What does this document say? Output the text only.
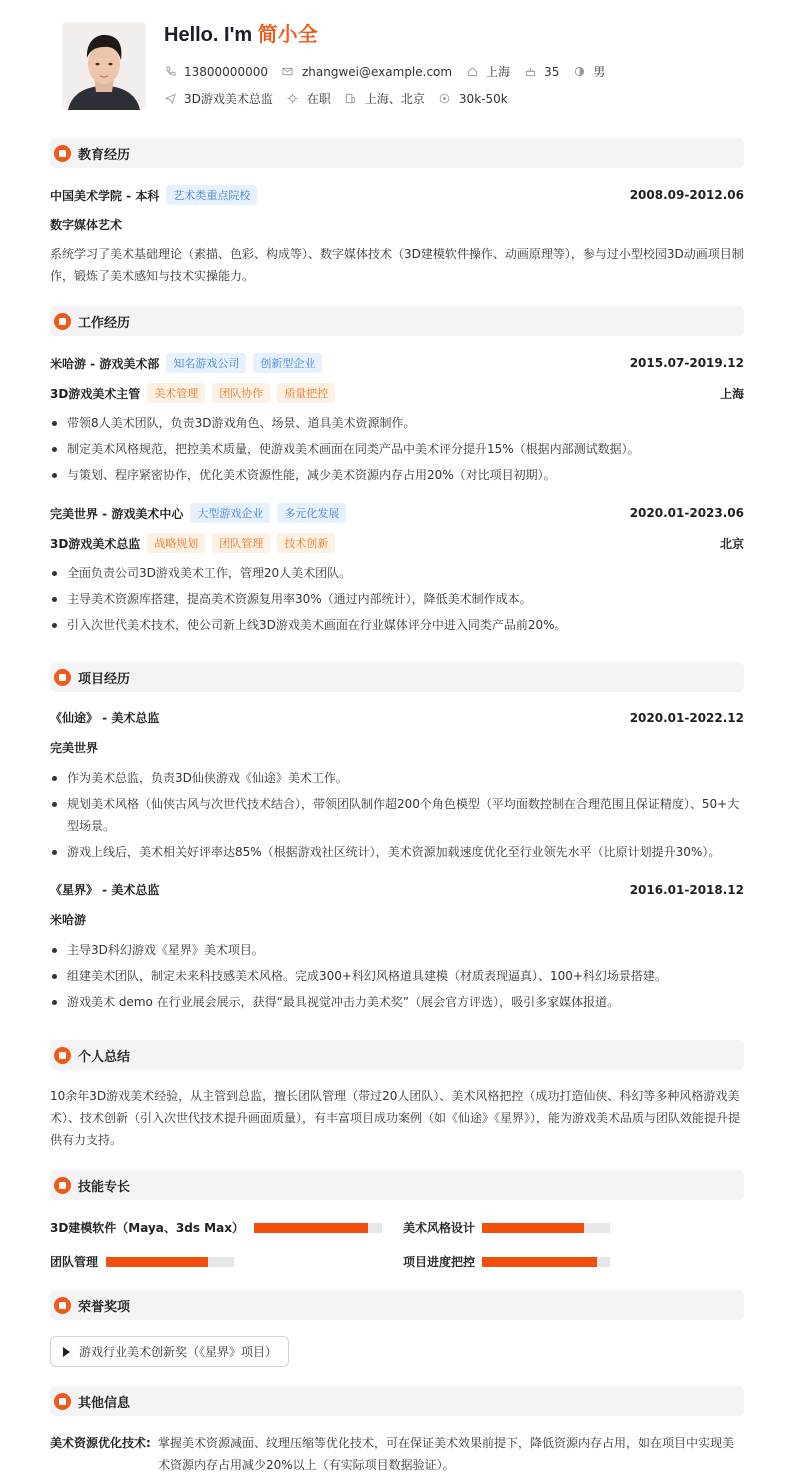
Hello. I'm 简小全
13800000000	zhangwei@example.com	上海	35	男
3D游戏美术总监	在职	上海、北京	30k-50k
教育经历
中国美术学院 - 本科	艺术类重点院校	2008.09-2012.06
数字媒体艺术
系统学习了美术基础理论（素描、色彩、构成等）、数字媒体技术（3D建模软件操作、动画原理等），参与过小型校园3D动画项目制作，锻炼了美术感知与技术实操能力。
工作经历
米哈游 - 游戏美术部	知名游戏公司	创新型企业	2015.07-2019.12
3D游戏美术主管	美术管理	团队协作	质量把控	上海
带领8人美术团队，负责3D游戏角色、场景、道具美术资源制作。
制定美术风格规范，把控美术质量，使游戏美术画面在同类产品中美术评分提升15%（根据内部测试数据）。
与策划、程序紧密协作，优化美术资源性能，减少美术资源内存占用20%（对比项目初期）。
完美世界 - 游戏美术中心	大型游戏企业	多元化发展	2020.01-2023.06
3D游戏美术总监	战略规划	团队管理	技术创新	北京
全面负责公司3D游戏美术工作，管理20人美术团队。
主导美术资源库搭建，提高美术资源复用率30%（通过内部统计），降低美术制作成本。
引入次世代美术技术，使公司新上线3D游戏美术画面在行业媒体评分中进入同类产品前20%。
项目经历
《仙途》 - 美术总监	2020.01-2022.12
完美世界
作为美术总监，负责3D仙侠游戏《仙途》美术工作。
规划美术风格（仙侠古风与次世代技术结合），带领团队制作超200个角色模型（平均面数控制在合理范围且保证精度）、50+大型场景。
游戏上线后，美术相关好评率达85%（根据游戏社区统计），美术资源加载速度优化至行业领先水平（比原计划提升30%）。
《星界》 - 美术总监	2016.01-2018.12
米哈游
主导3D科幻游戏《星界》美术项目。
组建美术团队，制定未来科技感美术风格。完成300+科幻风格道具建模（材质表现逼真）、100+科幻场景搭建。
游戏美术 demo 在行业展会展示，获得“最具视觉冲击力美术奖”（展会官方评选），吸引多家媒体报道。
个人总结
10余年3D游戏美术经验，从主管到总监，擅长团队管理（带过20人团队）、美术风格把控（成功打造仙侠、科幻等多种风格游戏美术）、技术创新（引入次世代技术提升画面质量），有丰富项目成功案例（如《仙途》《星界》），能为游戏美术品质与团队效能提升提供有力支持。
技能专长
3D建模软件（Maya、3ds Max）	美术风格设计
团队管理	项目进度把控
荣誉奖项
游戏行业美术创新奖（《星界》项目）
其他信息
美术资源优化技术: 掌握美术资源减面、纹理压缩等优化技术，可在保证美术效果前提下，降低资源内存占用，如在项目中实现美术资源内存占用减少20%以上（有实际项目数据验证）。
